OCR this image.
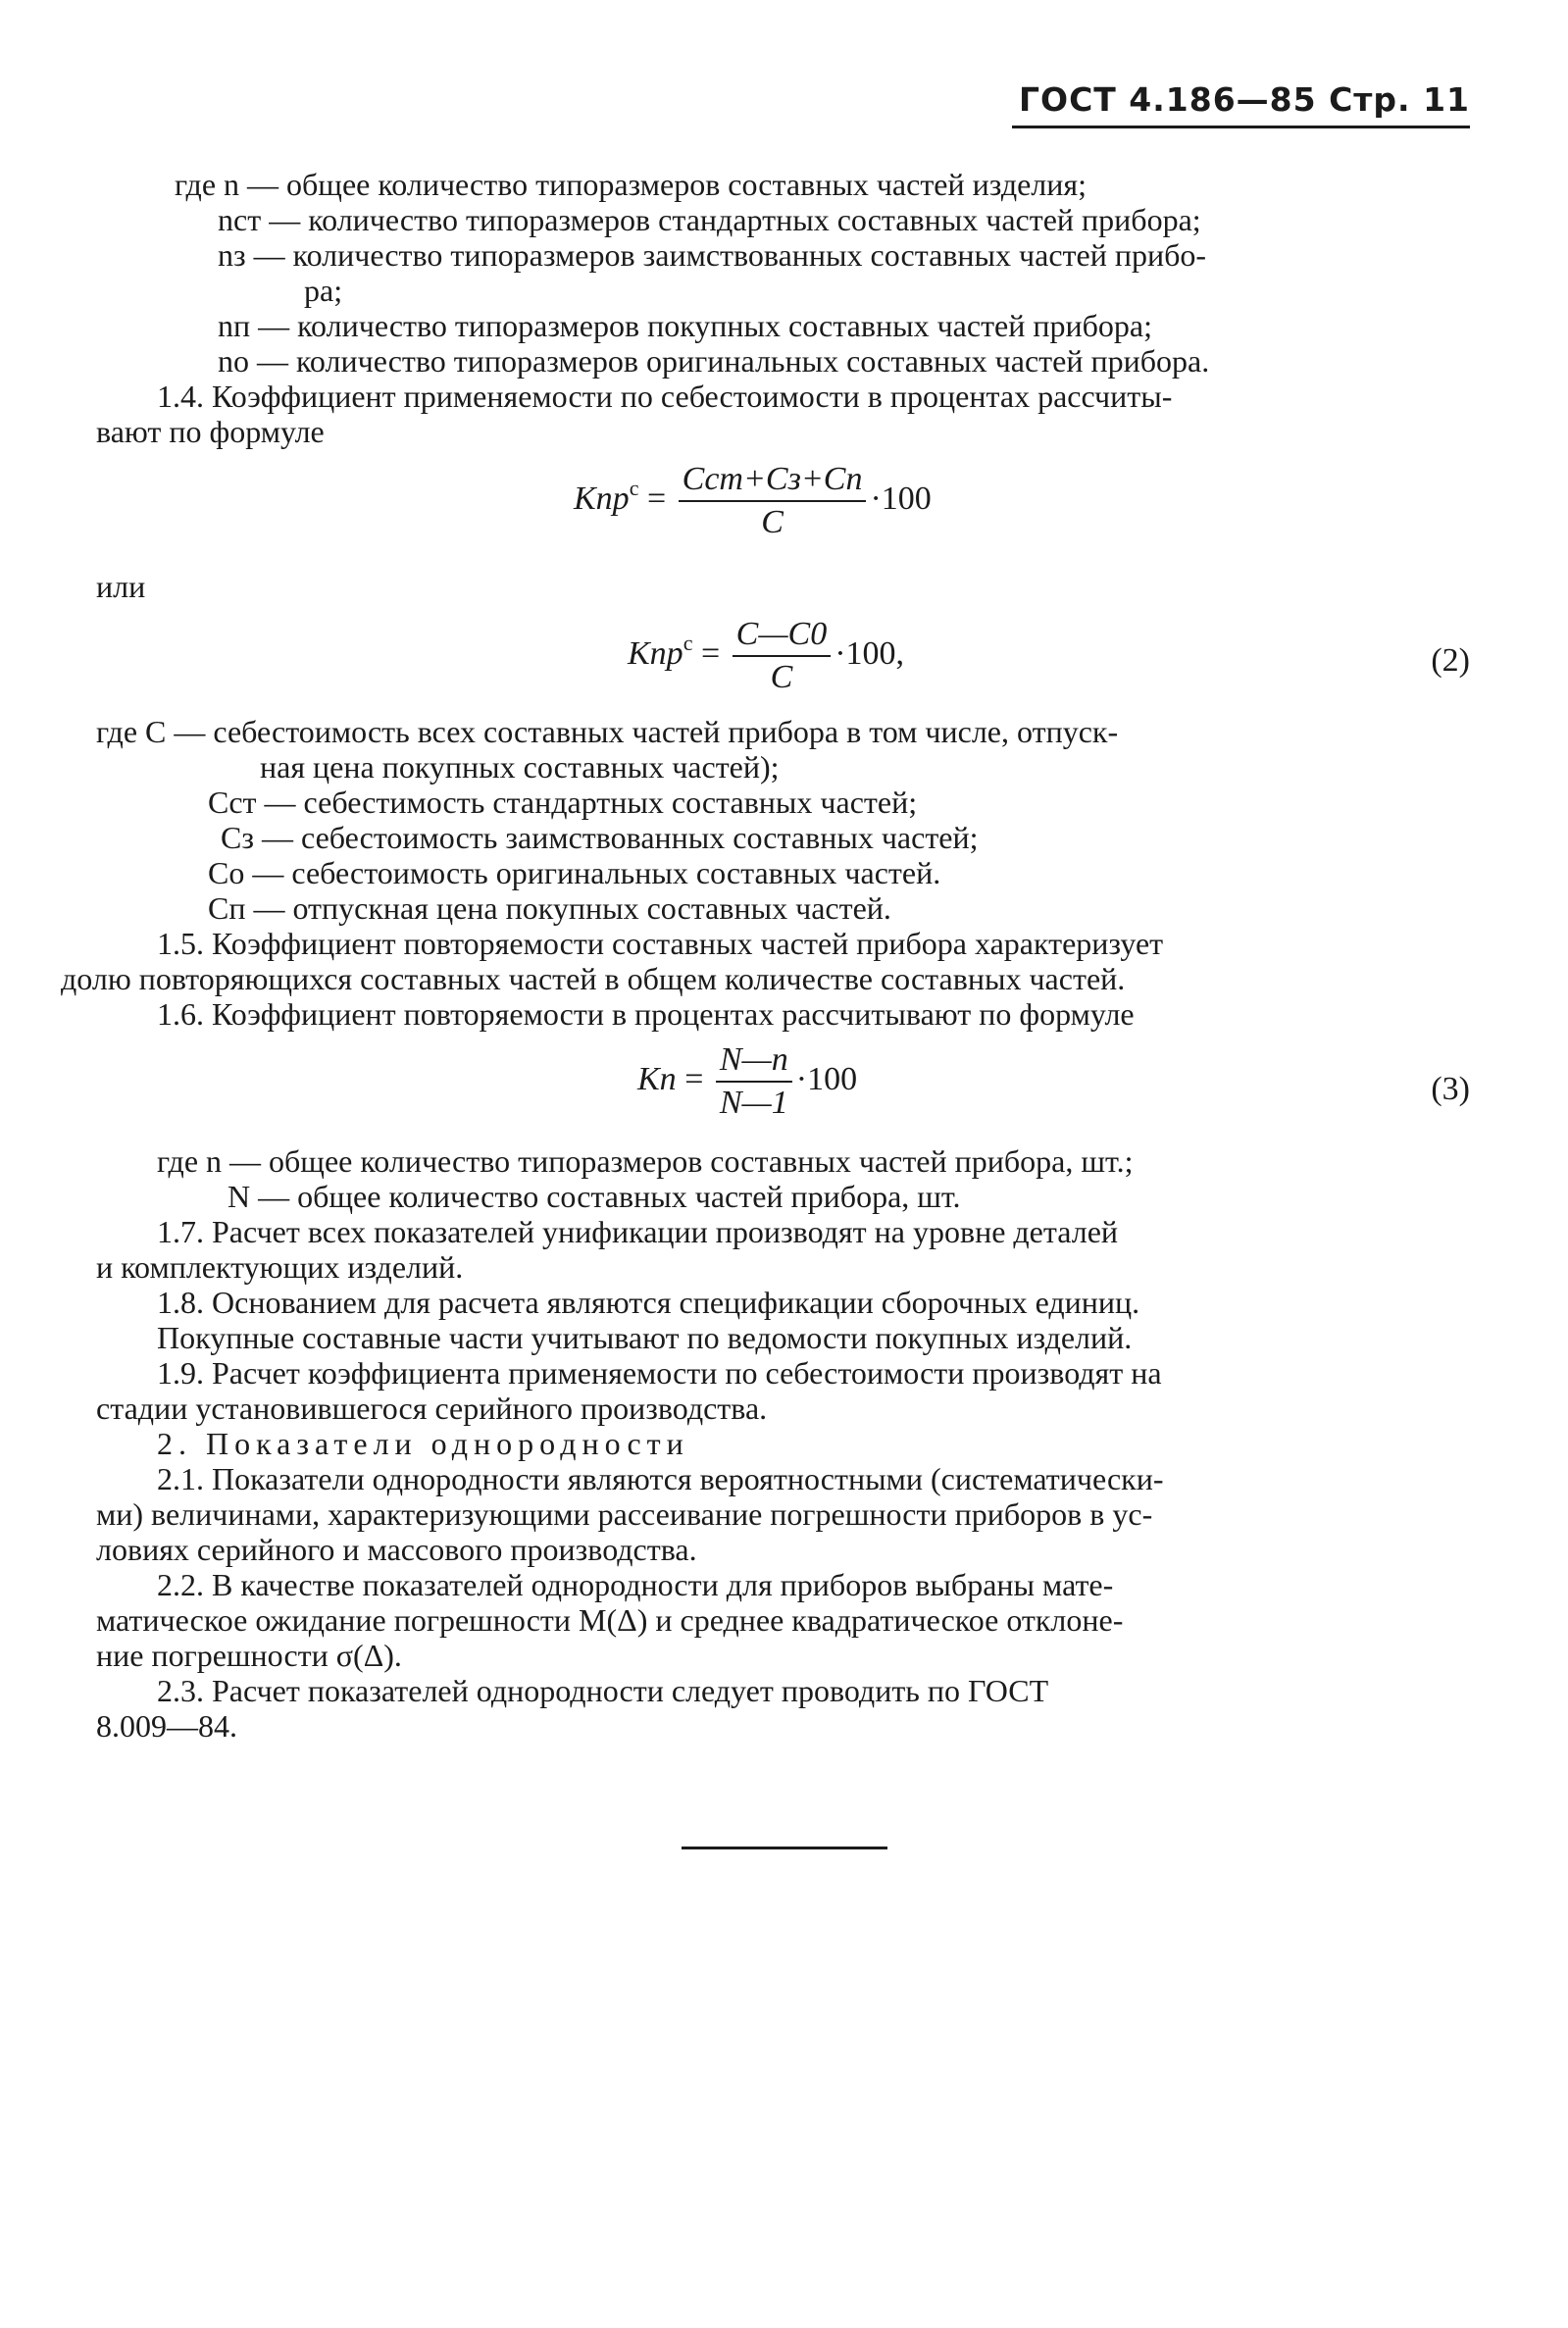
ГОСТ 4.186—85 Стр. 11
где n — общее количество типоразмеров составных частей изделия;
nст — количество типоразмеров стандартных составных частей прибора;
nз — количество типоразмеров заимствованных составных частей прибо-
ра;
nп — количество типоразмеров покупных составных частей прибора;
nо — количество типоразмеров оригинальных составных частей прибора.
1.4. Коэффициент применяемости по себестоимости в процентах рассчиты-
вают по формуле
$Kпр^с = \frac{\text{Cст+Cз+Cп}}{C} \cdot 100$
или
$Kпр^с = \frac{C—C0}{C} \cdot 100$,	(2)
где C — себестоимость всех составных частей прибора в том числе, отпуск-
ная цена покупных составных частей);
Cст — себестимость стандартных составных частей;
Cз — себестоимость заимствованных составных частей;
Cо — себестоимость оригинальных составных частей.
Cп — отпускная цена покупных составных частей.
1.5. Коэффициент повторяемости составных частей прибора характеризует
долю повторяющихся составных частей в общем количестве составных частей.
1.6. Коэффициент повторяемости в процентах рассчитывают по формуле
Kп = $\frac{N—n}{N—1} \cdot 100$	(3)
где n — общее количество типоразмеров составных частей прибора, шт.;
N — общее количество составных частей прибора, шт.
1.7. Расчет всех показателей унификации производят на уровне деталей
и комплектующих изделий.
1.8. Основанием для расчета являются спецификации сборочных единиц.
Покупные составные части учитывают по ведомости покупных изделий.
1.9. Расчет коэффициента применяемости по себестоимости производят на
стадии установившегося серийного производства.
2. Показатели однородности
2.1. Показатели однородности являются вероятностными (систематически-
ми) величинами, характеризующими рассеивание погрешности приборов в ус-
ловиях серийного и массового производства.
2.2. В качестве показателей однородности для приборов выбраны мате-
матическое ожидание погрешности M(Δ) и среднее квадратическое отклоне-
ние погрешности σ(Δ).
2.3. Расчет показателей однородности следует проводить по ГОСТ
8.009—84.
